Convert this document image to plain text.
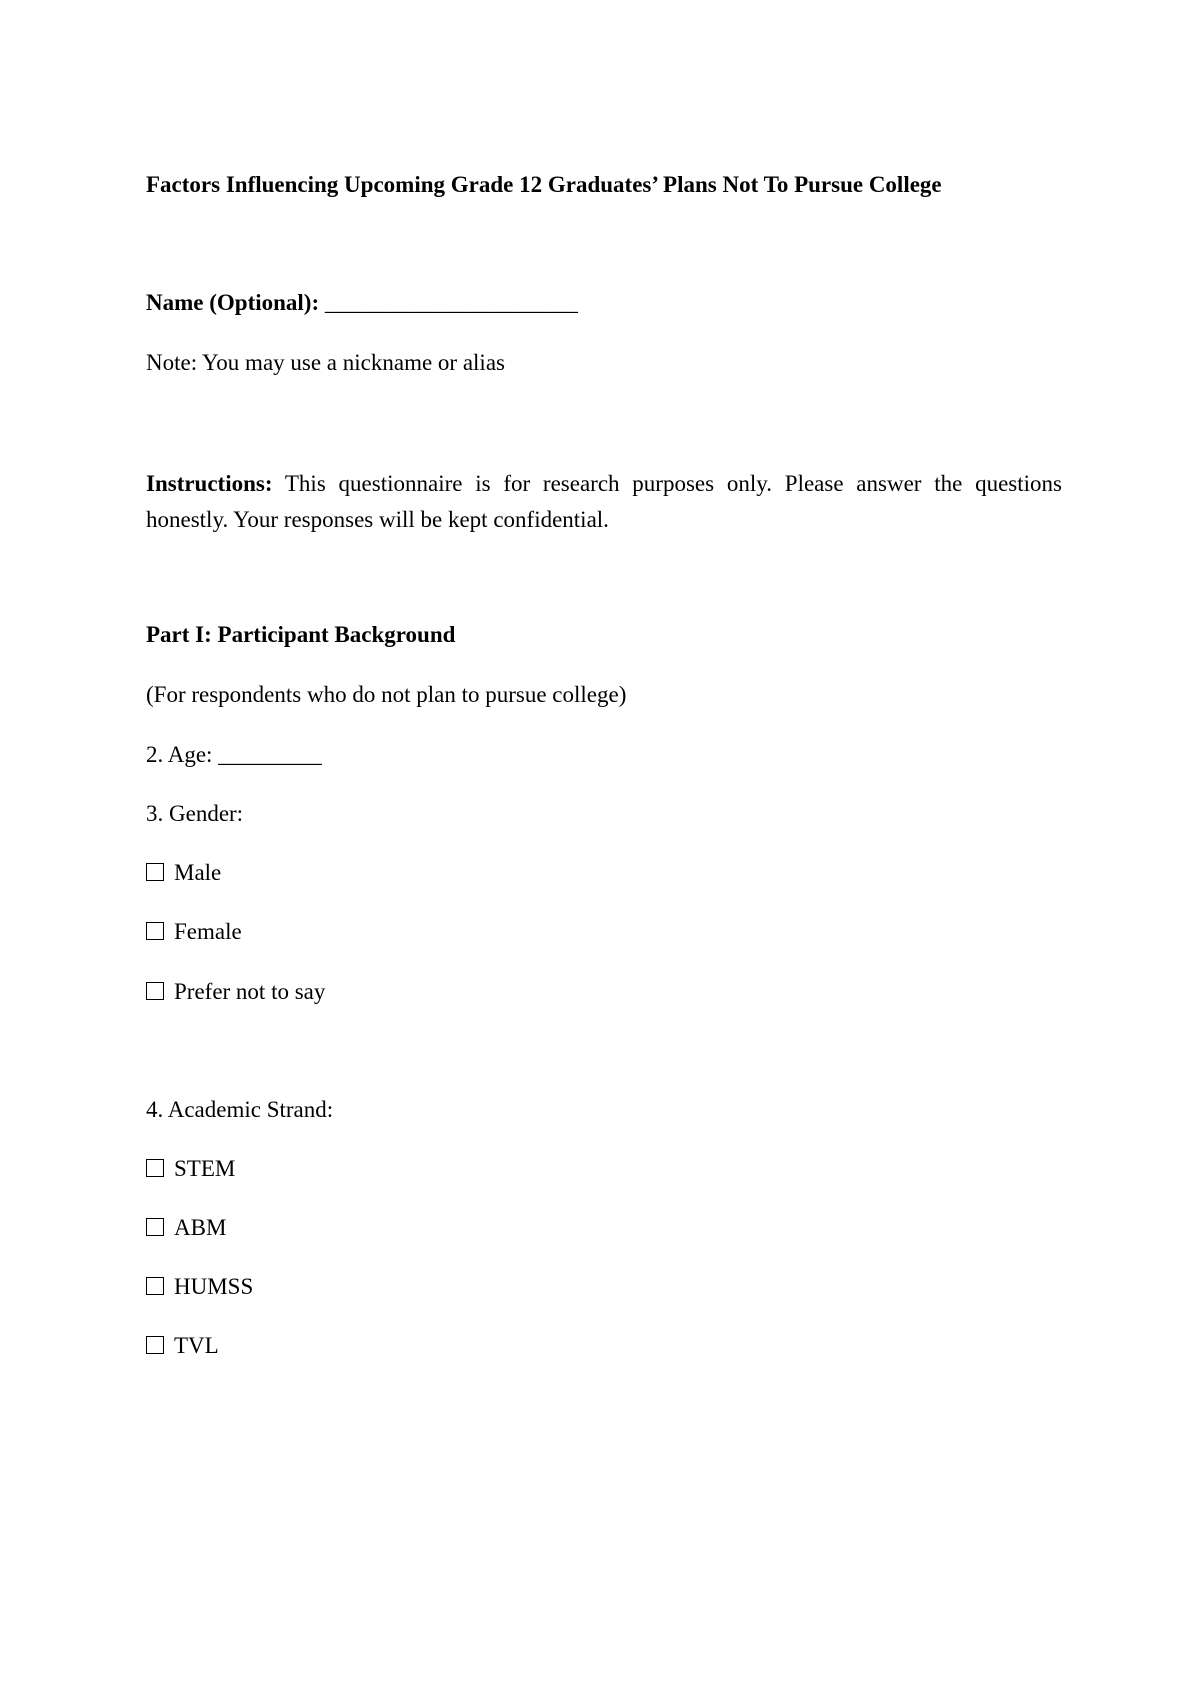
Factors Influencing Upcoming Grade 12 Graduates’ Plans Not To Pursue College
Name (Optional): ______________________
Note: You may use a nickname or alias
Instructions: This questionnaire is for research purposes only. Please answer the questions honestly. Your responses will be kept confidential.
Part I: Participant Background
(For respondents who do not plan to pursue college)
2. Age: _________
3. Gender:
Male
Female
Prefer not to say
4. Academic Strand:
STEM
ABM
HUMSS
TVL
